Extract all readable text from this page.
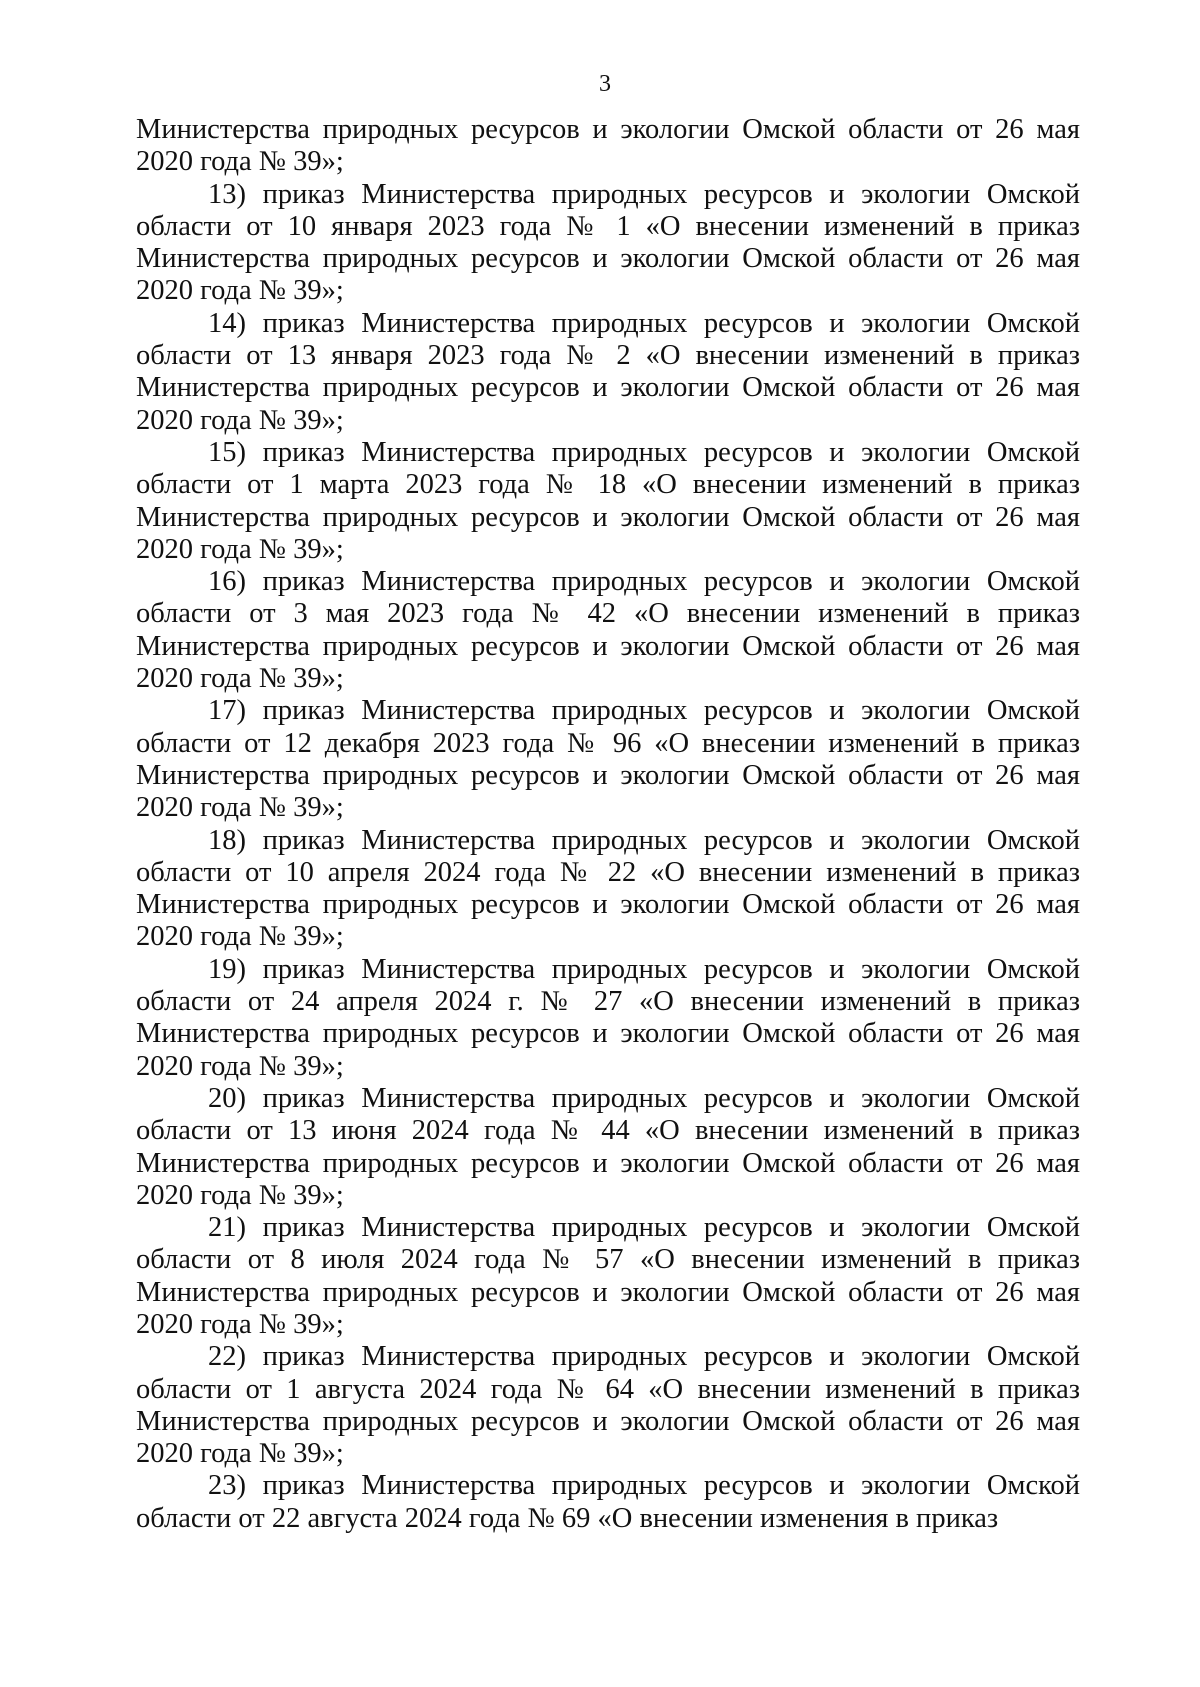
3

Министерства природных ресурсов и экологии Омской области от 26 мая 2020 года № 39»;

13) приказ Министерства природных ресурсов и экологии Омской области от 10 января 2023 года № 1 «О внесении изменений в приказ Министерства природных ресурсов и экологии Омской области от 26 мая 2020 года № 39»;

14) приказ Министерства природных ресурсов и экологии Омской области от 13 января 2023 года № 2 «О внесении изменений в приказ Министерства природных ресурсов и экологии Омской области от 26 мая 2020 года № 39»;

15) приказ Министерства природных ресурсов и экологии Омской области от 1 марта 2023 года № 18 «О внесении изменений в приказ Министерства природных ресурсов и экологии Омской области от 26 мая 2020 года № 39»;

16) приказ Министерства природных ресурсов и экологии Омской области от 3 мая 2023 года № 42 «О внесении изменений в приказ Министерства природных ресурсов и экологии Омской области от 26 мая 2020 года № 39»;

17) приказ Министерства природных ресурсов и экологии Омской области от 12 декабря 2023 года № 96 «О внесении изменений в приказ Министерства природных ресурсов и экологии Омской области от 26 мая 2020 года № 39»;

18) приказ Министерства природных ресурсов и экологии Омской области от 10 апреля 2024 года № 22 «О внесении изменений в приказ Министерства природных ресурсов и экологии Омской области от 26 мая 2020 года № 39»;

19) приказ Министерства природных ресурсов и экологии Омской области от 24 апреля 2024 г. № 27 «О внесении изменений в приказ Министерства природных ресурсов и экологии Омской области от 26 мая 2020 года № 39»;

20) приказ Министерства природных ресурсов и экологии Омской области от 13 июня 2024 года № 44 «О внесении изменений в приказ Министерства природных ресурсов и экологии Омской области от 26 мая 2020 года № 39»;

21) приказ Министерства природных ресурсов и экологии Омской области от 8 июля 2024 года № 57 «О внесении изменений в приказ Министерства природных ресурсов и экологии Омской области от 26 мая 2020 года № 39»;

22) приказ Министерства природных ресурсов и экологии Омской области от 1 августа 2024 года № 64 «О внесении изменений в приказ Министерства природных ресурсов и экологии Омской области от 26 мая 2020 года № 39»;

23) приказ Министерства природных ресурсов и экологии Омской области от 22 августа 2024 года № 69 «О внесении изменения в приказ
